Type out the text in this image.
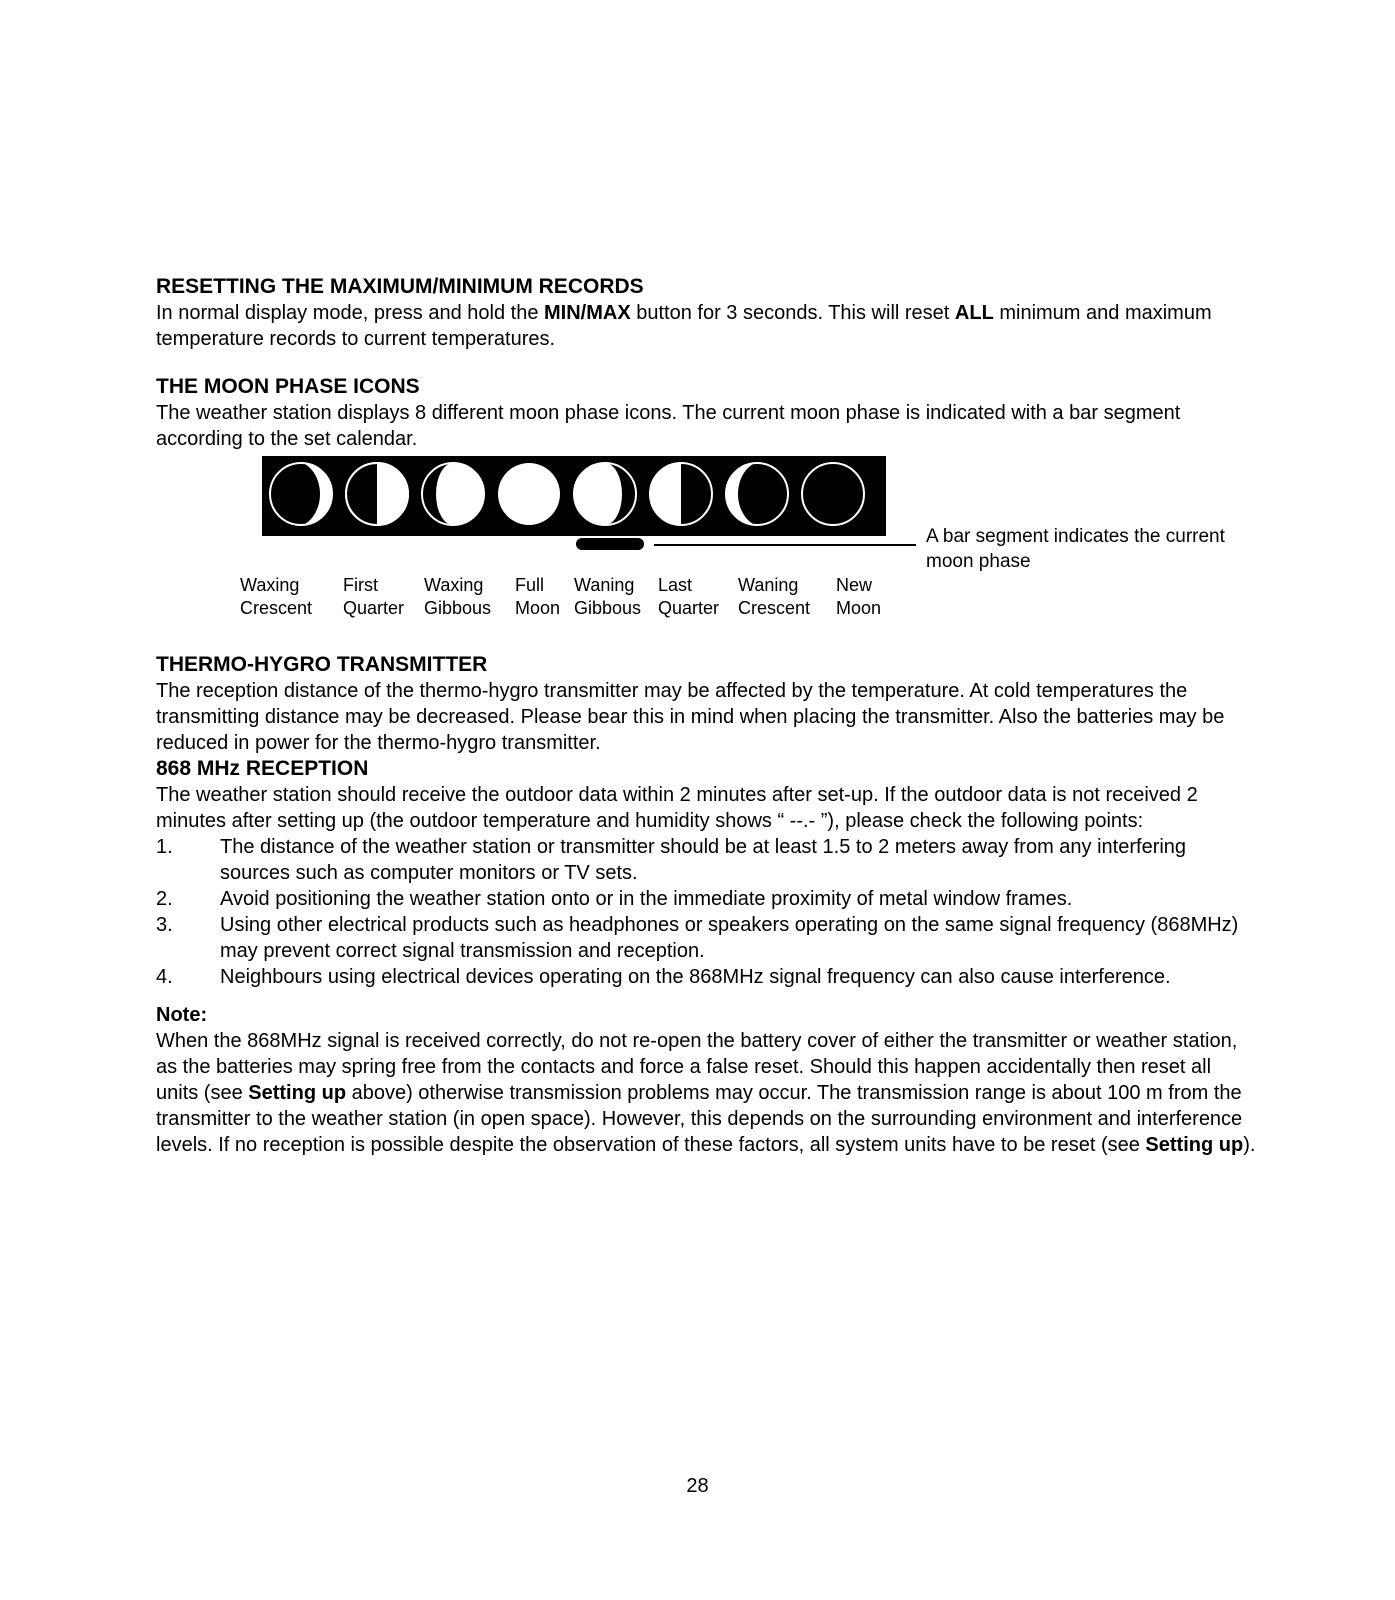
RESETTING THE MAXIMUM/MINIMUM RECORDS

In normal display mode, press and hold the MIN/MAX button for 3 seconds. This will reset ALL minimum and maximum temperature records to current temperatures.

THE MOON PHASE ICONS

The weather station displays 8 different moon phase icons. The current moon phase is indicated with a bar segment according to the set calendar.

A bar segment indicates the current moon phase
Waxing
Crescent
First
Quarter
Waxing
Gibbous
Full
Moon
Waning
Gibbous
Last
Quarter
Waning
Crescent
New
Moon
THERMO-HYGRO TRANSMITTER

The reception distance of the thermo-hygro transmitter may be affected by the temperature. At cold temperatures the transmitting distance may be decreased. Please bear this in mind when placing the transmitter. Also the batteries may be reduced in power for the thermo-hygro transmitter.

868 MHz RECEPTION

The weather station should receive the outdoor data within 2 minutes after set-up. If the outdoor data is not received 2 minutes after setting up (the outdoor temperature and humidity shows “ --.- ”), please check the following points:

1. The distance of the weather station or transmitter should be at least 1.5 to 2 meters away from any interfering sources such as computer monitors or TV sets.
2. Avoid positioning the weather station onto or in the immediate proximity of metal window frames.
3. Using other electrical products such as headphones or speakers operating on the same signal frequency (868MHz) may prevent correct signal transmission and reception.
4. Neighbours using electrical devices operating on the 868MHz signal frequency can also cause interference.

Note:

When the 868MHz signal is received correctly, do not re-open the battery cover of either the transmitter or weather station, as the batteries may spring free from the contacts and force a false reset. Should this happen accidentally then reset all units (see Setting up above) otherwise transmission problems may occur. The transmission range is about 100 m from the transmitter to the weather station (in open space). However, this depends on the surrounding environment and interference levels. If no reception is possible despite the observation of these factors, all system units have to be reset (see Setting up).

28
